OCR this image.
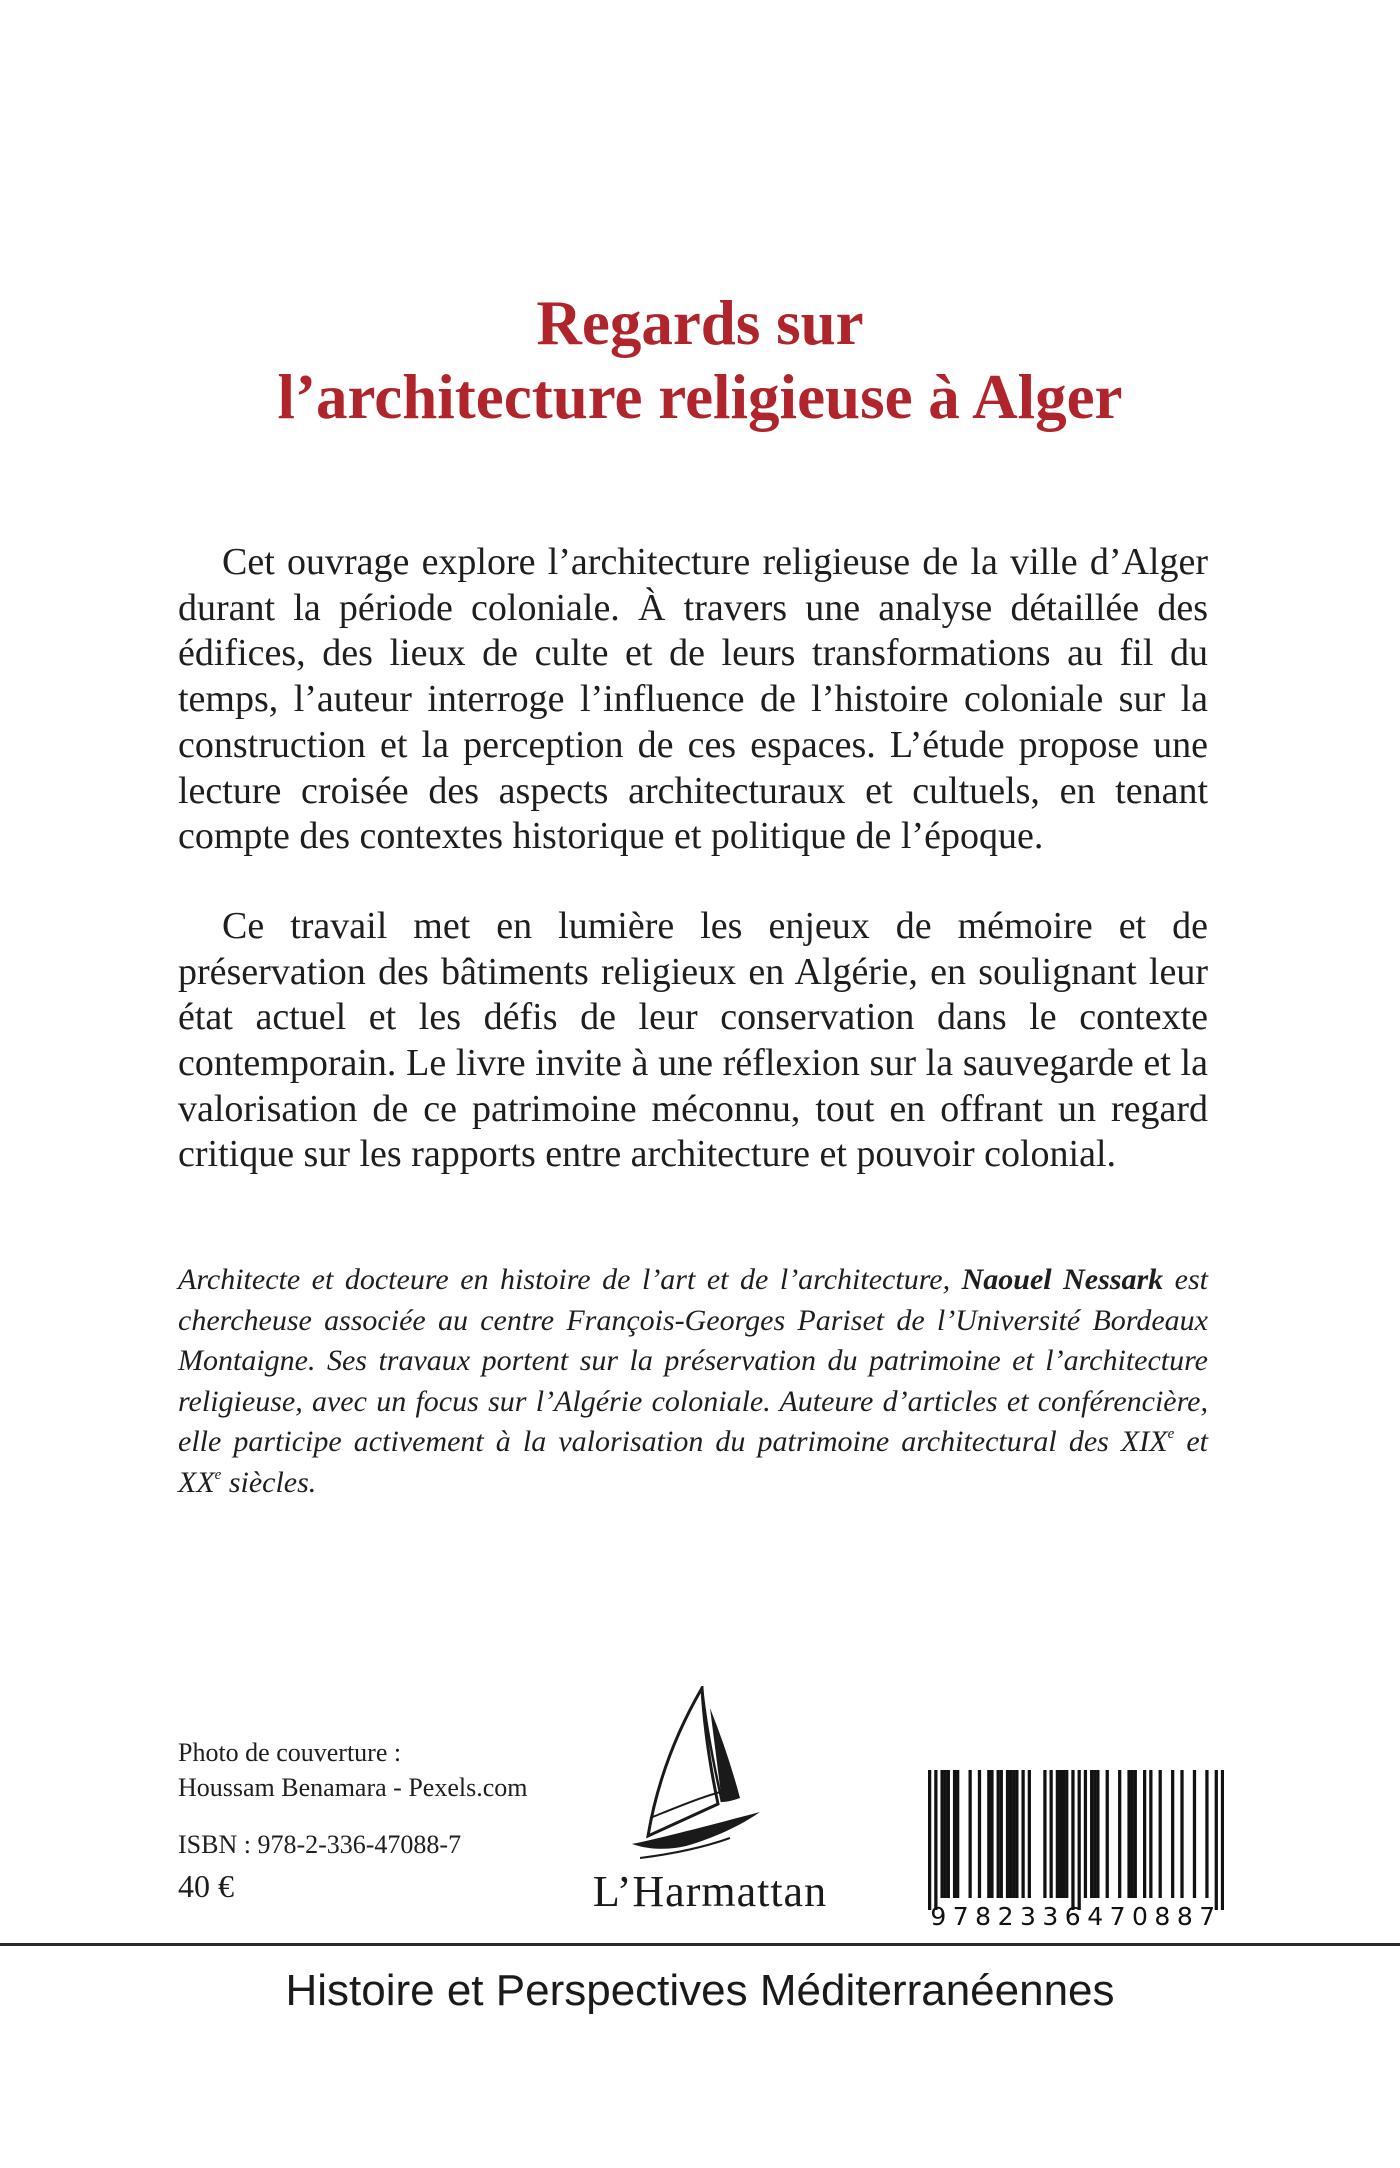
Regards sur
l’architecture religieuse à Alger

Cet ouvrage explore l’architecture religieuse de la ville d’Alger durant la période coloniale. À travers une analyse détaillée des édifices, des lieux de culte et de leurs transformations au fil du temps, l’auteur interroge l’influence de l’histoire coloniale sur la construction et la perception de ces espaces. L’étude propose une lecture croisée des aspects architecturaux et cultuels, en tenant compte des contextes historique et politique de l’époque.

Ce travail met en lumière les enjeux de mémoire et de préservation des bâtiments religieux en Algérie, en soulignant leur état actuel et les défis de leur conservation dans le contexte contemporain. Le livre invite à une réflexion sur la sauvegarde et la valorisation de ce patrimoine méconnu, tout en offrant un regard critique sur les rapports entre architecture et pouvoir colonial.

Architecte et docteure en histoire de l’art et de l’architecture, Naouel Nessark est chercheuse associée au centre François-Georges Pariset de l’Université Bordeaux Montaigne. Ses travaux portent sur la préservation du patrimoine et l’architecture religieuse, avec un focus sur l’Algérie coloniale. Auteure d’articles et conférencière, elle participe activement à la valorisation du patrimoine architectural des XIXe et XXe siècles.

Photo de couverture :
Houssam Benamara - Pexels.com
ISBN : 978-2-336-47088-7
40 €	L’Harmattan
9782336470887
Histoire et Perspectives Méditerranéennes
